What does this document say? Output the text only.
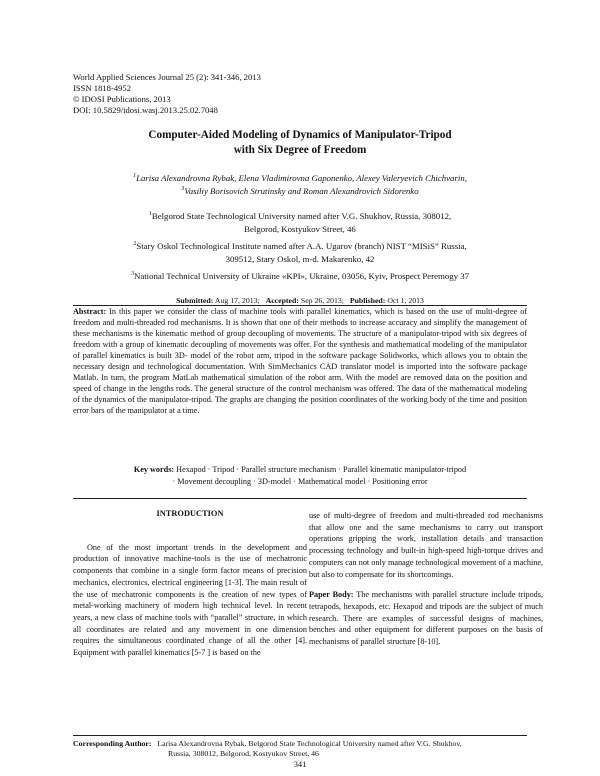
World Applied Sciences Journal 25 (2): 341-346, 2013
ISSN 1818-4952
© IDOSI Publications, 2013
DOI: 10.5829/idosi.wasj.2013.25.02.7048
Computer-Aided Modeling of Dynamics of Manipulator-Tripod
with Six Degree of Freedom
$^1$Larisa Alexandrovna Rybak, Elena Vladimirovna Gaponenko, Alexey Valeryevich Chichvarin,
$^3$Vasiliy Borisovich Strutinsky and Roman Alexandrovich Sidorenko
$^1$Belgorod State Technological University named after V.G. Shukhov, Russia, 308012,
Belgorod, Kostyukov Street, 46
$^2$Stary Oskol Technological Institute named after A.A. Ugarov (branch) NIST “MISiS” Russia,
309512, Stary Oskol, m-d. Makarenko, 42
$^3$National Technical University of Ukraine «KPI», Ukraine, 03056, Kyiv, Prospect Peremogy 37
Submitted: Aug 17, 2013; Accepted: Sep 26, 2013; Published: Oct 1, 2013
Abstract: In this paper we consider the class of machine tools with parallel kinematics, which is based on the use of multi-degree of freedom and multi-threaded rod mechanisms. It is shown that one of their methods to increase accuracy and simplify the management of these mechanisms is the kinematic method of group decoupling of movements. The structure of a manipulator-tripod with six degrees of freedom with a group of kinematic decoupling of movements was offer. For the synthesis and mathematical modeling of the manipulator of parallel kinematics is built 3D- model of the robot arm, tripod in the software package Solidworks, which allows you to obtain the necessary design and technological documentation. With SimMechanics CAD translator model is imported into the software package Matlab. In turn, the program MatLab mathematical simulation of the robot arm. With the model are removed data on the position and speed of change in the lengths rods. The general structure of the control mechanism was offered. The data of the mathematical modeling of the dynamics of the manipulator-tripod. The graphs are changing the position coordinates of the working body of the time and position error bars of the manipulator at a time.
Key words: Hexapod · Tripod · Parallel structure mechanism · Parallel kinematic manipulator-tripod
· Movement decoupling · 3D-model · Mathematical model · Positioning error
INTRODUCTION

One of the most important trends in the development and production of innovative machine-tools is the use of mechatronic components that combine in a single form factor means of precision mechanics, electronics, electrical engineering [1-3]. The main result of the use of mechatronic components is the creation of new types of metal-working machinery of modern high technical level. In recent years, a new class of machine tools with “parallel” structure, in which all coordinates are related and any movement in one dimension requires the simultaneous coordinated change of all the other [4]. Equipment with parallel kinematics [5-7 ] is based on the

use of multi-degree of freedom and multi-threaded rod mechanisms that allow one and the same mechanisms to carry out transport operations gripping the work, installation details and transaction processing technology and built-in high-speed high-torque drives and computers can not only manage technological movement of a machine, but also to compensate for its shortcomings.

Paper Body: The mechanisms with parallel structure include tripods, tetrapods, hexapods, etc. Hexapod and tripods are the subject of much research. There are examples of successful designs of machines, benches and other equipment for different purposes on the basis of mechanisms of parallel structure [8-10].

Corresponding Author: Larisa Alexandrovna Rybak, Belgorod State Technological University named after V.G. Shukhov,
Russia, 308012, Belgorod, Kostyukov Street, 46
341
